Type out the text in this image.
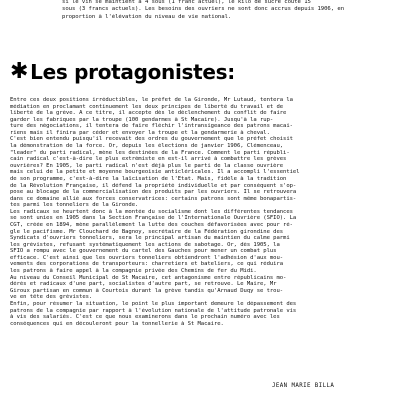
si le vin se maintient à 4 sous (1 franc actuel), le kilo de sucre coûte 15
sous (3 francs actuels). Les besoins des ouvriers ne sont donc accrus depuis 1906, en
proportion à l'élévation du niveau de vie national.
✱ Les protagonistes:
Entre ces deux positions irréductibles, le préfet de la Gironde, Mr Lutaud, tentera la
médiation en proclamant continuement les deux principes de liberté du travail et de
liberté de la grève. A ce titre, il accepte dès le déclenchement du conflit de faire
garder les fabriques par la troupe (100 gendarmes à St Macaire). Jusqu'à la rup-
ture des négociations, il tentera de faire fléchir l'intransigeance des patrons macai-
riens mais il finira par céder et envoyer la troupe et la gendarmerie à cheval.
C'est bien entendu puisqu'il recevait des ordres du gouvernement que le préfet choisit
la démonstration de la force. Or, depuis les élections de janvier 1906, Clémenceau,
"leader" du parti radical, mène les destinées de la France. Comment le parti républi-
cain radical c'est-à-dire le plus extrémiste en est-il arrivé à combattre les grèves
ouvrières? En 1905, le parti radical n'est déjà plus le parti de la classe ouvrière
mais celui de la petite et moyenne bourgeoisie anticléricales. Il a accompli l'essentiel
de son programme, c'est-à-dire la laïcisation de l'Etat. Mais, fidèle à la tradition
de la Révolution Française, il défend la propriété individuelle et par conséquent s'op-
pose au blocage de la commercialisation des produits par les ouvriers. Il se retrouvera
dans ce domaine allié aux forces conservatrices: certains patrons sont même bonapartis-
tes parmi les tonneliers de la Gironde.
Les radicaux se heurtent donc à la montée du socialisme dont les différentes tendances
se sont unies en 1905 dans la Section Française de l'Internationale Ouvrière (SFIO). La
CGT, créée en 1894, mène parallèlement la lutte des couches défavorisées avec pour ré-
gle le pacifisme. Mr Clouchard de Bagnoy, secrétaire de la Fédération girondine des
Syndicats d'ouvriers tonneliers, sera le principal artisan du maintien du calme parmi
les grévistes, refusant systématiquement les actions de sabotage. Or, dès 1905, la
SFIO a rompu avec le gouvernement du cartel des Gauches pour mener un combat plus
efficace. C'est ainsi que les ouvriers tonneliers obtiendront l'adhésion d'aux mou-
vements des corporations de transporteurs: charretiers et bateliers, ce qui réduira
les patrons à faire appel à la compagnie privée des Chemins de fer du Midi.
Au niveau du Conseil Municipal de St Macaire, cet antagonisme entre républicains mo-
dérés et radicaux d'une part, socialistes d'autre part, se retrouve. Le Maire, Mr
Giroux partisan en commun à Courtois durant la grève tandis qu'Arnaud Duqy se trou-
ve en tête des grévistes.
Enfin, pour résumer la situation, le point le plus important demeure le dépassement des
patrons de la compagnie par rapport à l'évolution nationale de l'attitude patronale vis
à vis des salariés. C'est ce que nous examinerons dans le prochain numéro avec les
conséquences qui en découleront pour la tonnellerie à St Macaire.
JEAN MARIE BILLA
